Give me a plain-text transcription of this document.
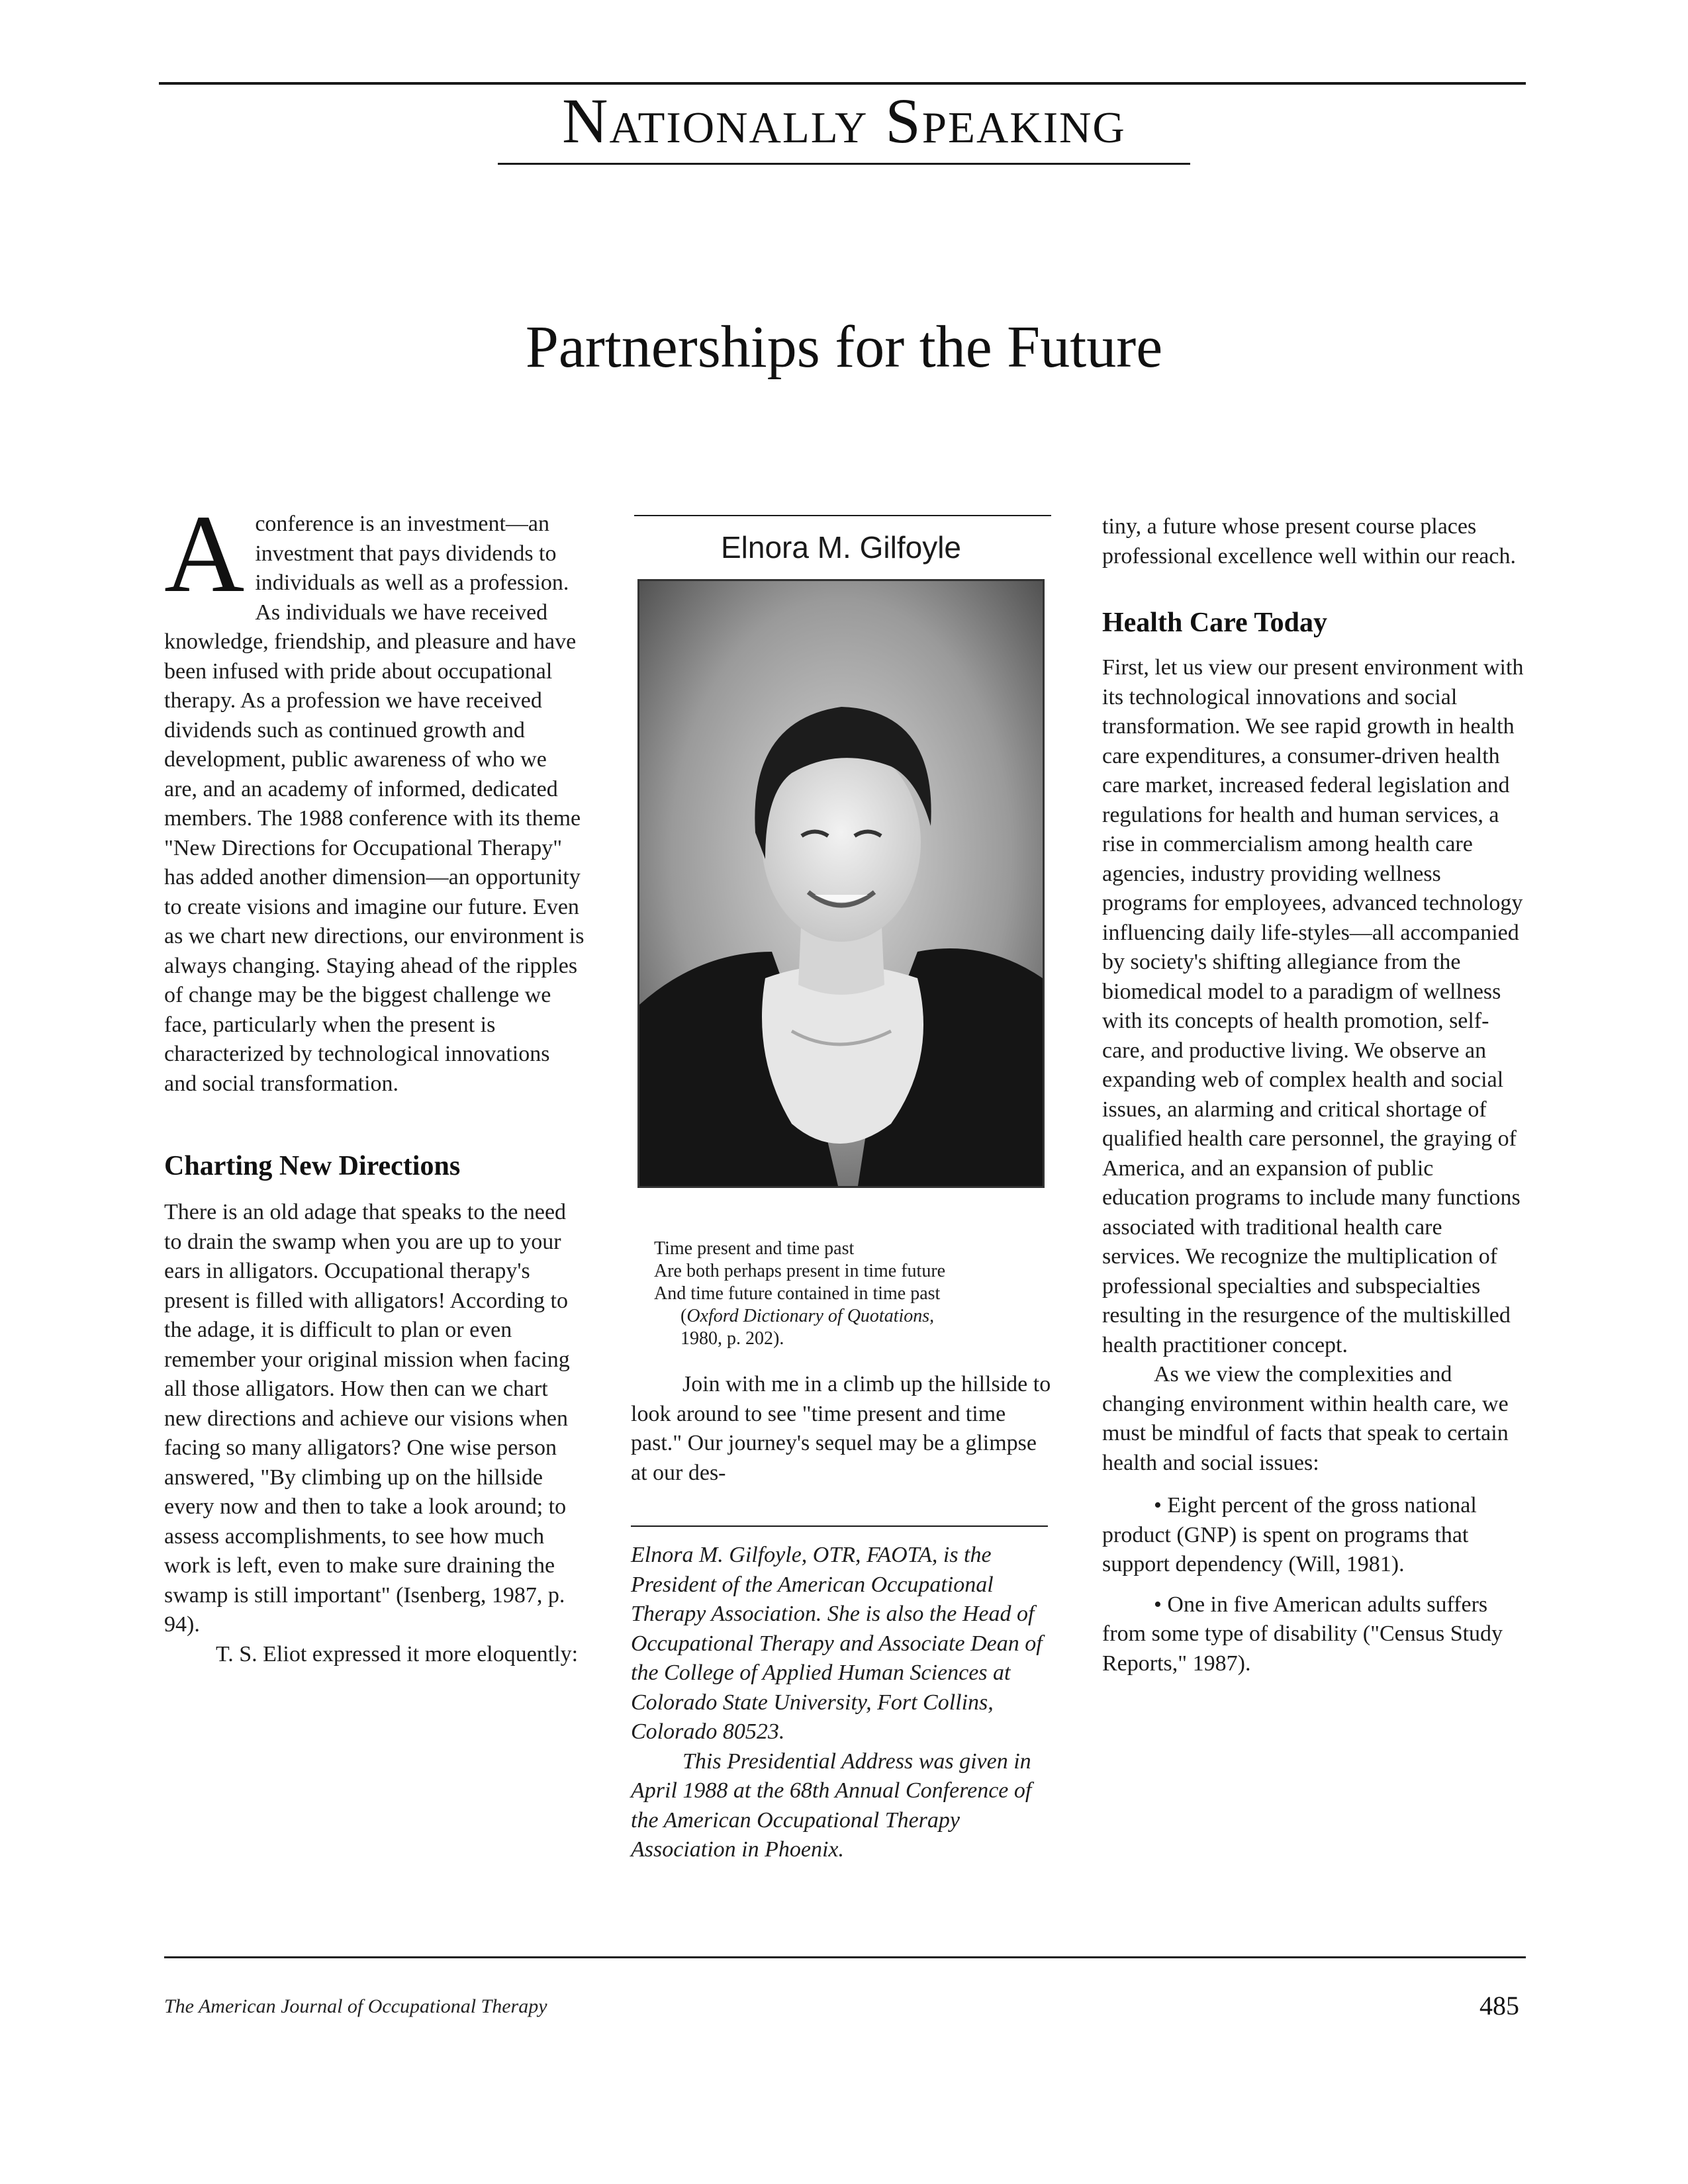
Nationally Speaking
Partnerships for the Future

Aconference is an investment—an investment that pays dividends to individuals as well as a profession. As individuals we have received knowledge, friendship, and pleasure and have been infused with pride about occupational therapy. As a profession we have received dividends such as continued growth and development, public awareness of who we are, and an academy of informed, dedicated members. The 1988 conference with its theme "New Directions for Occupational Therapy" has added another dimension—an opportunity to create visions and imagine our future. Even as we chart new directions, our environment is always changing. Staying ahead of the ripples of change may be the biggest challenge we face, particularly when the present is characterized by technological innovations and social transformation.

Charting New Directions

There is an old adage that speaks to the need to drain the swamp when you are up to your ears in alligators. Occupational therapy's present is filled with alligators! According to the adage, it is difficult to plan or even remember your original mission when facing all those alligators. How then can we chart new directions and achieve our visions when facing so many alligators? One wise person answered, "By climbing up on the hillside every now and then to take a look around; to assess accomplishments, to see how much work is left, even to make sure draining the swamp is still important" (Isenberg, 1987, p. 94).

T. S. Eliot expressed it more eloquently:

Elnora M. Gilfoyle
Time present and time past
Are both perhaps present in time future
And time future contained in time past
(Oxford Dictionary of Quotations,
1980, p. 202).

Join with me in a climb up the hillside to look around to see "time present and time past." Our journey's sequel may be a glimpse at our des-

Elnora M. Gilfoyle, OTR, FAOTA, is the President of the American Occupational Therapy Association. She is also the Head of Occupational Therapy and Associate Dean of the College of Applied Human Sciences at Colorado State University, Fort Collins, Colorado 80523.

This Presidential Address was given in April 1988 at the 68th Annual Conference of the American Occupational Therapy Association in Phoenix.

tiny, a future whose present course places professional excellence well within our reach.

Health Care Today

First, let us view our present environment with its technological innovations and social transformation. We see rapid growth in health care expenditures, a consumer-driven health care market, increased federal legislation and regulations for health and human services, a rise in commercialism among health care agencies, industry providing wellness programs for employees, advanced technology influencing daily life-styles—all accompanied by society's shifting allegiance from the biomedical model to a paradigm of wellness with its concepts of health promotion, self-care, and productive living. We observe an expanding web of complex health and social issues, an alarming and critical shortage of qualified health care personnel, the graying of America, and an expansion of public education programs to include many functions associated with traditional health care services. We recognize the multiplication of professional specialties and subspecialties resulting in the resurgence of the multiskilled health practitioner concept.

As we view the complexities and changing environment within health care, we must be mindful of facts that speak to certain health and social issues:

• Eight percent of the gross national product (GNP) is spent on programs that support dependency (Will, 1981).

• One in five American adults suffers from some type of disability ("Census Study Reports," 1987).

The American Journal of Occupational Therapy	485
